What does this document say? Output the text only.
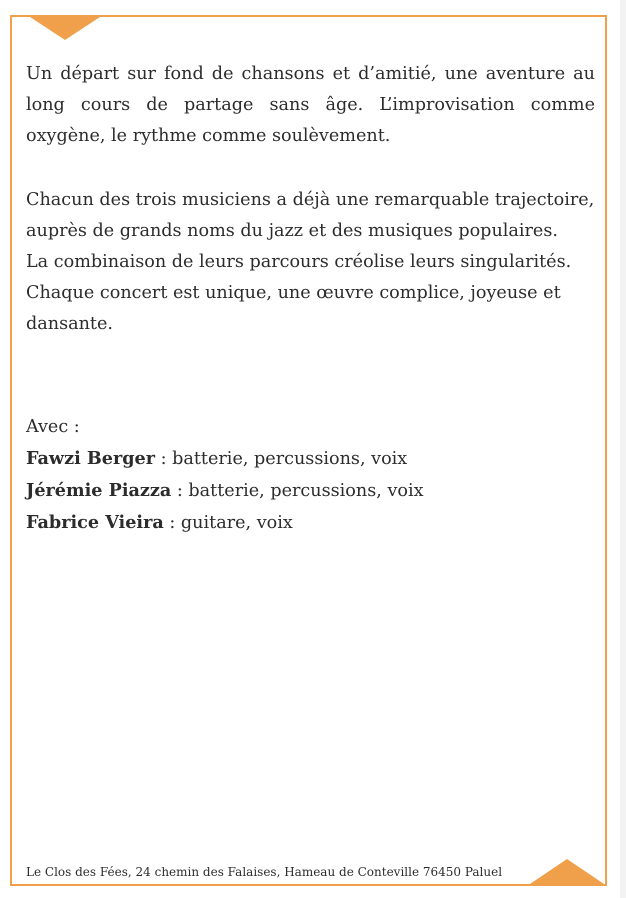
Un départ sur fond de chansons et d’amitié, une aventure au long cours de partage sans âge. L’improvisation comme oxygène, le rythme comme soulèvement.

Chacun des trois musiciens a déjà une remarquable trajectoire,
auprès de grands noms du jazz et des musiques populaires.
La combinaison de leurs parcours créolise leurs singularités.
Chaque concert est unique, une œuvre complice, joyeuse et
dansante.

Avec :
Fawzi Berger : batterie, percussions, voix
Jérémie Piazza : batterie, percussions, voix
Fabrice Vieira : guitare, voix
Le Clos des Fées, 24 chemin des Falaises, Hameau de Conteville 76450 Paluel
